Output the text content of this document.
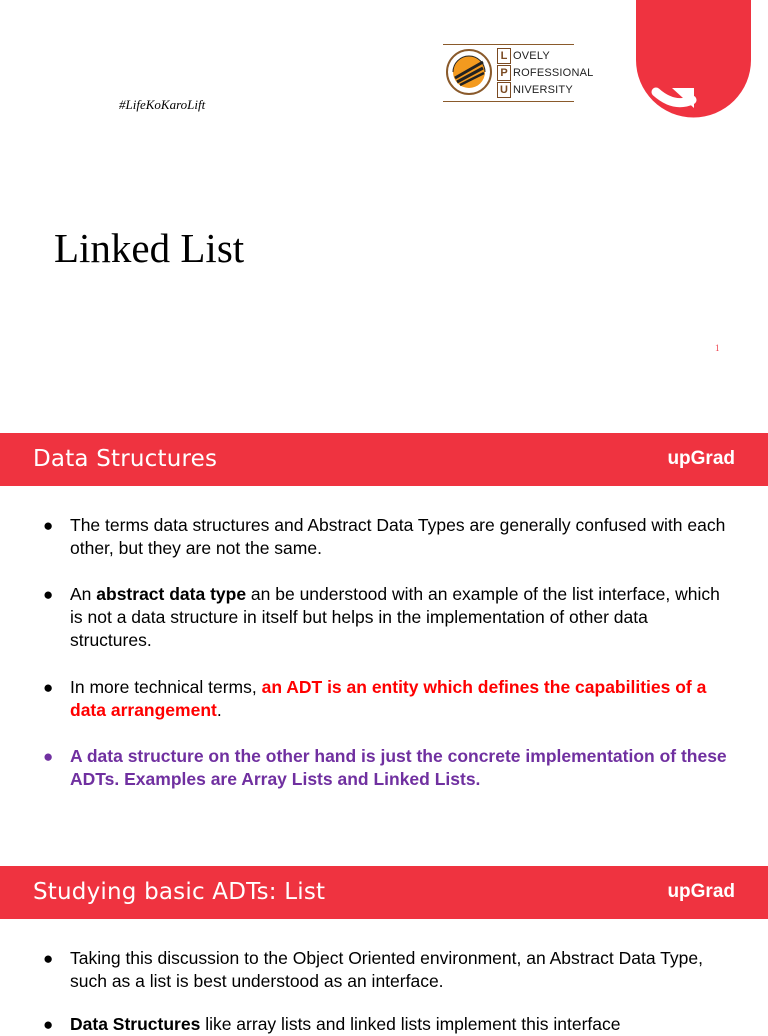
#LifeKoKaroLift
L OVELY
P ROFESSIONAL
U NIVERSITY
Linked List
1
Data Structures	upGrad
● The terms data structures and Abstract Data Types are generally confused with each other, but they are not the same.
● An abstract data type an be understood with an example of the list interface, which is not a data structure in itself but helps in the implementation of other data structures.
● In more technical terms, an ADT is an entity which defines the capabilities of a data arrangement.
● A data structure on the other hand is just the concrete implementation of these ADTs. Examples are Array Lists and Linked Lists.
Studying basic ADTs: List	upGrad
● Taking this discussion to the Object Oriented environment, an Abstract Data Type, such as a list is best understood as an interface.
● Data Structures like array lists and linked lists implement this interface
